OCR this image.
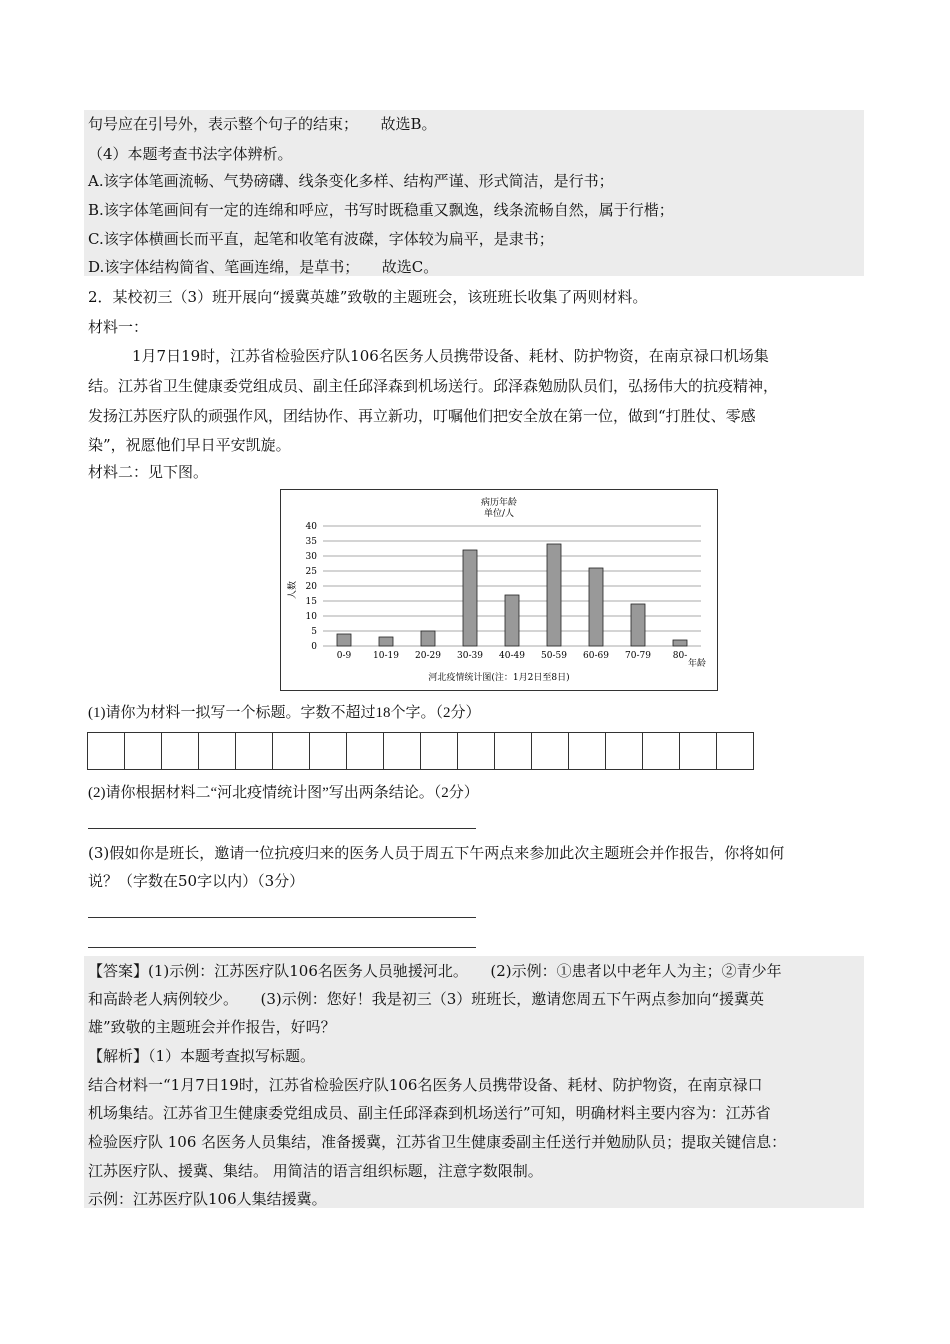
句号应在引号外，表示整个句子的结束；　　故选B。
（4）本题考查书法字体辨析。
A.该字体笔画流畅、气势磅礴、线条变化多样、结构严谨、形式简洁，是行书；
B.该字体笔画间有一定的连绵和呼应，书写时既稳重又飘逸，线条流畅自然，属于行楷；
C.该字体横画长而平直，起笔和收笔有波磔，字体较为扁平，是隶书；
D.该字体结构简省、笔画连绵，是草书；　　故选C。
2．某校初三（3）班开展向“援冀英雄”致敬的主题班会，该班班长收集了两则材料。
材料一：
1月7日19时，江苏省检验医疗队106名医务人员携带设备、耗材、防护物资，在南京禄口机场集
结。江苏省卫生健康委党组成员、副主任邱泽森到机场送行。邱泽森勉励队员们，弘扬伟大的抗疫精神，
发扬江苏医疗队的顽强作风，团结协作、再立新功，叮嘱他们把安全放在第一位，做到“打胜仗、零感
染”，祝愿他们早日平安凯旋。
材料二：见下图。
病历年龄
单位/人
人数
年龄
河北疫情统计图(注：1月2日至8日)
0
5
10
15
20
25
30
35
40
0-9 10-19 20-29 30-39 40-49 50-59 60-69 70-79 80-
(1)请你为材料一拟写一个标题。字数不超过18个字。（2分）
(2)请你根据材料二“河北疫情统计图”写出两条结论。（2分）
(3)假如你是班长，邀请一位抗疫归来的医务人员于周五下午两点来参加此次主题班会并作报告，你将如何
说？（字数在50字以内）（3分）
【答案】(1)示例：江苏医疗队106名医务人员驰援河北。　　(2)示例：①患者以中老年人为主；②青少年
和高龄老人病例较少。　　(3)示例：您好！我是初三（3）班班长，邀请您周五下午两点参加向“援冀英
雄”致敬的主题班会并作报告，好吗？
【解析】（1）本题考查拟写标题。
结合材料一“1月7日19时，江苏省检验医疗队106名医务人员携带设备、耗材、防护物资，在南京禄口
机场集结。江苏省卫生健康委党组成员、副主任邱泽森到机场送行”可知，明确材料主要内容为：江苏省
检验医疗队 106 名医务人员集结，准备援冀，江苏省卫生健康委副主任送行并勉励队员；提取关键信息：
江苏医疗队、援冀、集结。 用简洁的语言组织标题，注意字数限制。
示例：江苏医疗队106人集结援冀。
